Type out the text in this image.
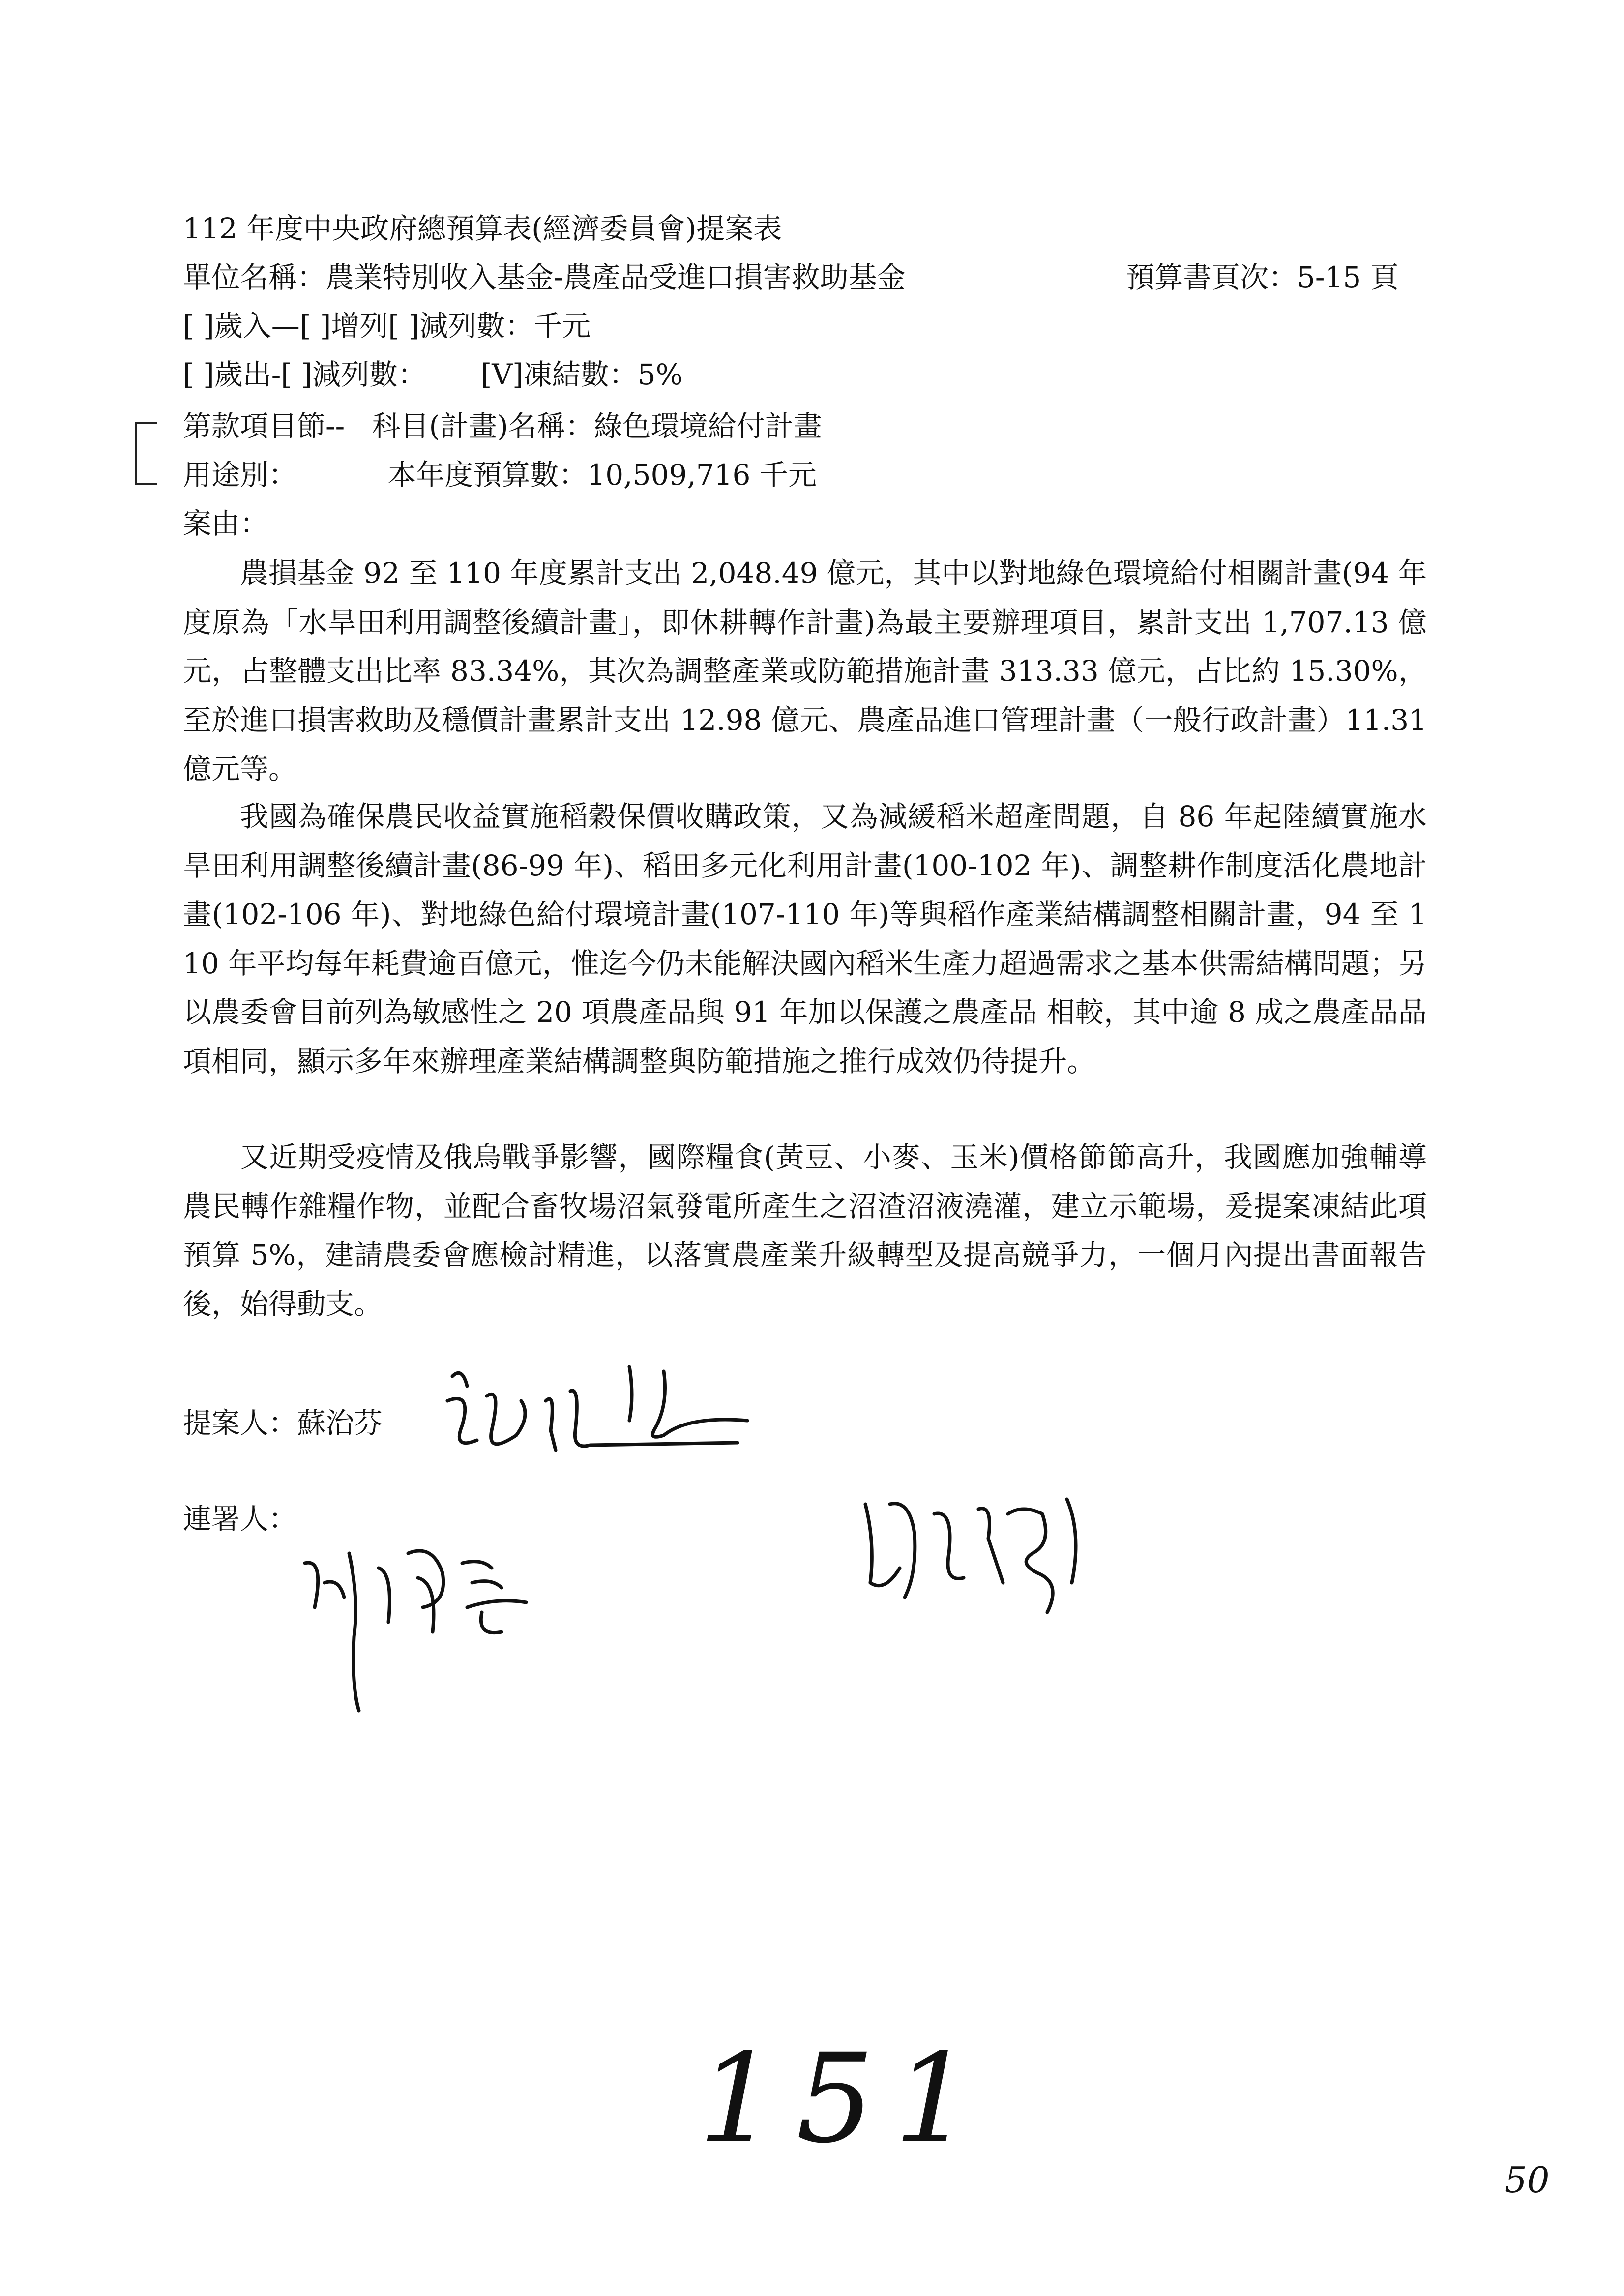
112 年度中央政府總預算表(經濟委員會)提案表
單位名稱：農業特別收入基金-農產品受進口損害救助基金	預算書頁次：5-15 頁
[ ]歲入—[ ]增列[ ]減列數：千元
[ ]歲出-[ ]減列數：      [V]凍結數：5%
第款項目節--   科目(計畫)名稱：綠色環境給付計畫
用途別：          本年度預算數：10,509,716 千元
案由：
農損基金 92 至 110 年度累計支出 2,048.49 億元，其中以對地綠色環境給付相關計畫(94 年度原為「水旱田利用調整後續計畫」，即休耕轉作計畫)為最主要辦理項目，累計支出 1,707.13 億元，占整體支出比率 83.34%，其次為調整產業或防範措施計畫 313.33 億元，占比約 15.30%，至於進口損害救助及穩價計畫累計支出 12.98 億元、農產品進口管理計畫（一般行政計畫）11.31 億元等。
我國為確保農民收益實施稻穀保價收購政策，又為減緩稻米超產問題，自 86 年起陸續實施水旱田利用調整後續計畫(86-99 年)、稻田多元化利用計畫(100-102 年)、調整耕作制度活化農地計畫(102-106 年)、對地綠色給付環境計畫(107-110 年)等與稻作產業結構調整相關計畫，94 至 110 年平均每年耗費逾百億元，惟迄今仍未能解決國內稻米生產力超過需求之基本供需結構問題；另以農委會目前列為敏感性之 20 項農產品與 91 年加以保護之農產品 相較，其中逾 8 成之農產品品項相同，顯示多年來辦理產業結構調整與防範措施之推行成效仍待提升。
又近期受疫情及俄烏戰爭影響，國際糧食(黃豆、小麥、玉米)價格節節高升，我國應加強輔導農民轉作雜糧作物，並配合畜牧場沼氣發電所產生之沼渣沼液澆灌，建立示範場，爰提案凍結此項預算 5%，建請農委會應檢討精進，以落實農產業升級轉型及提高競爭力，一個月內提出書面報告後，始得動支。
提案人：蘇治芬
連署人：
151
50
